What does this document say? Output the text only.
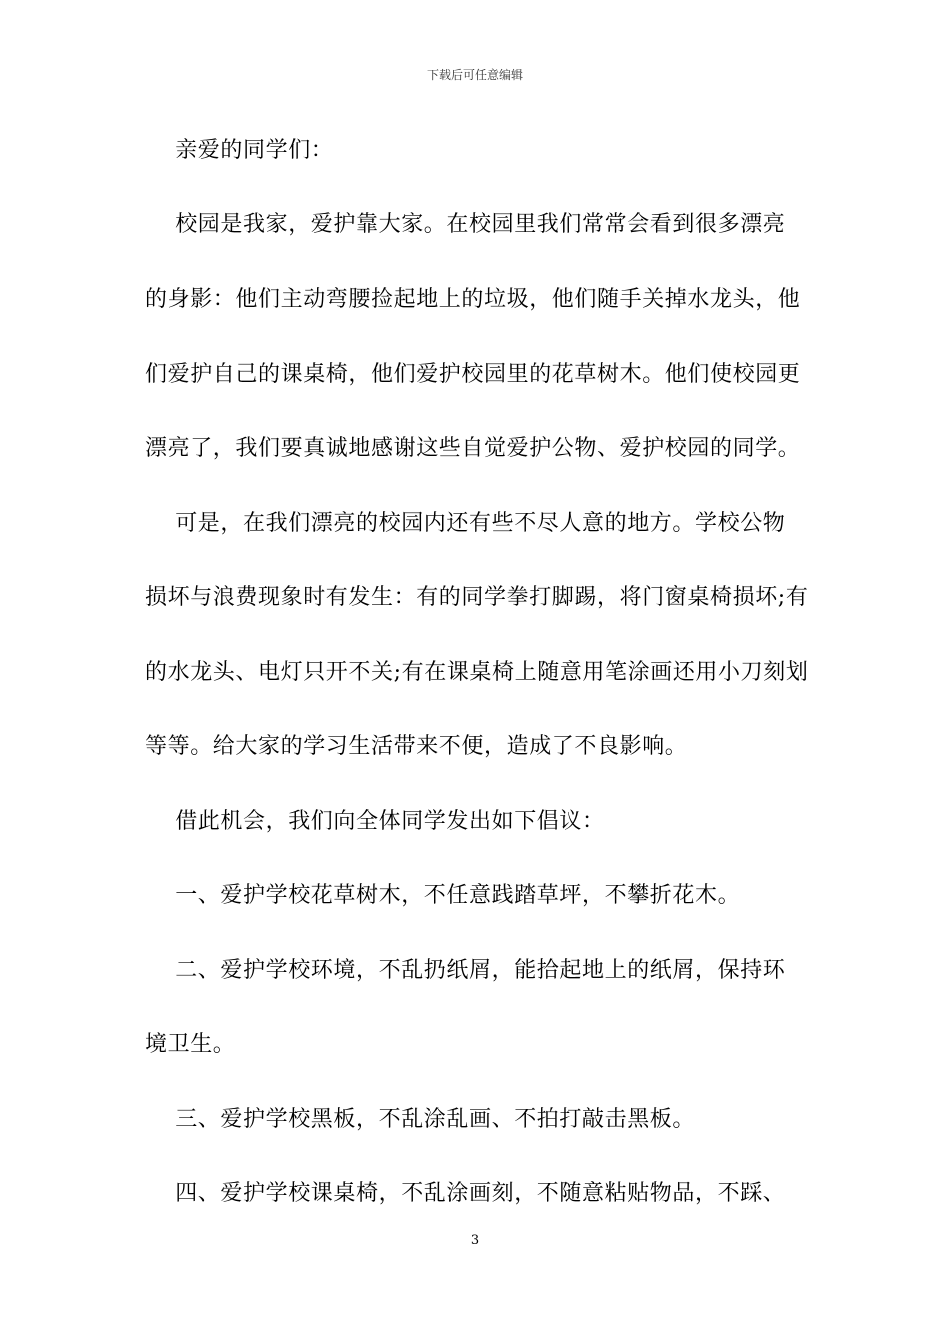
下载后可任意编辑
　 亲爱的同学们：
　 校园是我家，爱护靠大家。在校园里我们常常会看到很多漂亮
的身影：他们主动弯腰捡起地上的垃圾，他们随手关掉水龙头，他
们爱护自己的课桌椅，他们爱护校园里的花草树木。他们使校园更
漂亮了，我们要真诚地感谢这些自觉爱护公物、爱护校园的同学。
　 可是，在我们漂亮的校园内还有些不尽人意的地方。学校公物
损坏与浪费现象时有发生：有的同学拳打脚踢，将门窗桌椅损坏;有
的水龙头、电灯只开不关;有在课桌椅上随意用笔涂画还用小刀刻划
等等。给大家的学习生活带来不便，造成了不良影响。
　 借此机会，我们向全体同学发出如下倡议：
　 一、爱护学校花草树木，不任意践踏草坪，不攀折花木。
　 二、爱护学校环境，不乱扔纸屑，能拾起地上的纸屑，保持环
境卫生。
　 三、爱护学校黑板，不乱涂乱画、不拍打敲击黑板。
　 四、爱护学校课桌椅，不乱涂画刻，不随意粘贴物品，不踩、
3
